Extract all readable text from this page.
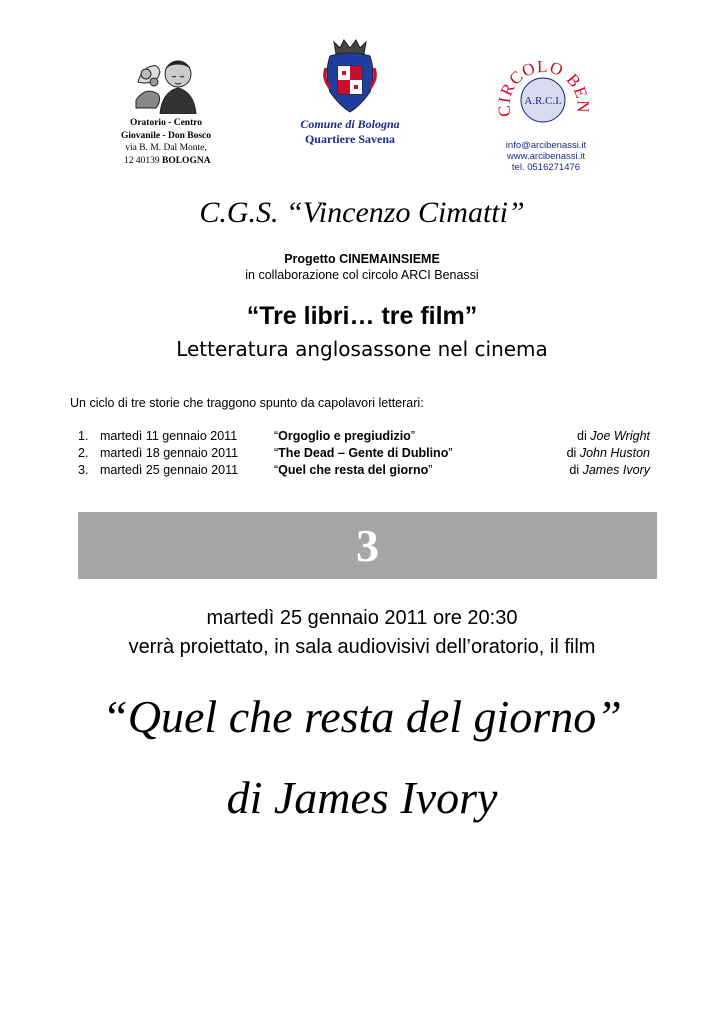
Oratorio - Centro
Giovanile - Don Bosco
via B. M. Dal Monte,
12 40139 BOLOGNA
Comune di Bologna
Quartiere Savena
RCOLO B
A.R.C.I.
info@arcibenassi.it
www.arcibenassi.it
tel. 0516271476
C.G.S. “Vincenzo Cimatti”
Progetto CINEMAINSIEME
in collaborazione col circolo ARCI Benassi
“Tre libri… tre film”
Letteratura anglosassone nel cinema
Un ciclo di tre storie che traggono spunto da capolavori letterari:
1. martedì 11 gennaio 2011	“Orgoglio e pregiudizio”	di Joe Wright
2. martedì 18 gennaio 2011	“The Dead – Gente di Dublino”	di John Huston
3. martedì 25 gennaio 2011	“Quel che resta del giorno”	di James Ivory
3
martedì 25 gennaio 2011 ore 20:30
verrà proiettato, in sala audiovisivi dell’oratorio, il film
“Quel che resta del giorno”
di James Ivory
